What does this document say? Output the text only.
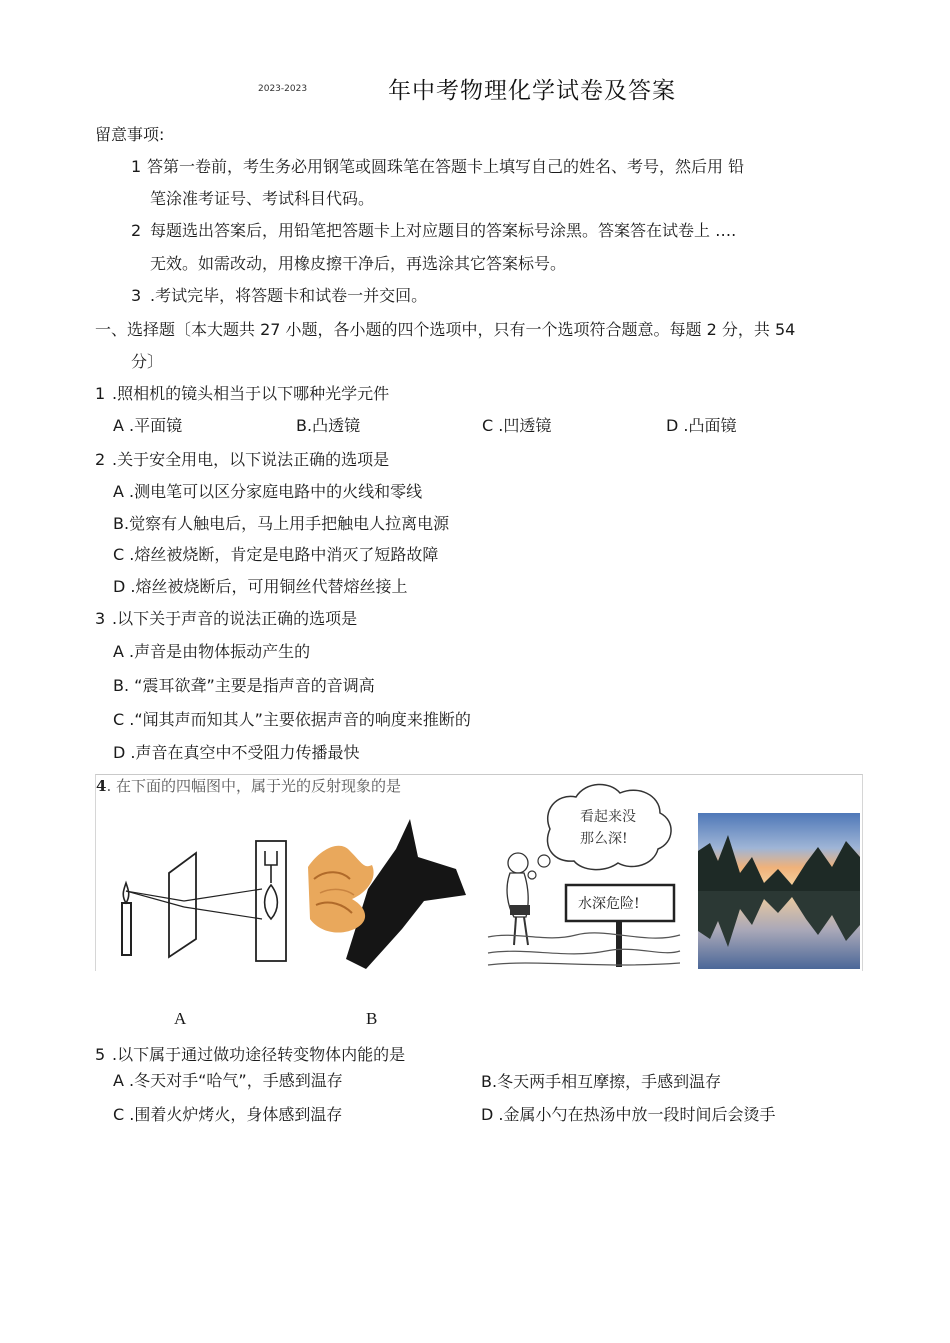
2023-2023	年中考物理化学试卷及答案
留意事项:
1 答第一卷前，考生务必用钢笔或圆珠笔在答题卡上填写自己的姓名、考号，然后用 铅
笔涂准考证号、考试科目代码。
2 每题选出答案后，用铅笔把答题卡上对应题目的答案标号涂黑。答案答在试卷上 ….
无效。如需改动，用橡皮擦干净后，再选涂其它答案标号。
3 .考试完毕，将答题卡和试卷一并交回。
一、选择题〔本大题共 27 小题，各小题的四个选项中，只有一个选项符合题意。每题 2 分，共 54
分〕
1 .照相机的镜头相当于以下哪种光学元件
A .平面镜	B.凸透镜	C .凹透镜	D .凸面镜
2 .关于安全用电，以下说法正确的选项是
A .测电笔可以区分家庭电路中的火线和零线
B.觉察有人触电后，马上用手把触电人拉离电源
C .熔丝被烧断，肯定是电路中消灭了短路故障
D .熔丝被烧断后，可用铜丝代替熔丝接上
3 .以下关于声音的说法正确的选项是
A .声音是由物体振动产生的
B. “震耳欲聋”主要是指声音的音调高
C .“闻其声而知其人”主要依据声音的响度来推断的
D .声音在真空中不受阻力传播最快
4. 在下面的四幅图中，属于光的反射现象的是
看起来没
那么深!
水深危险!
A	B
5 .以下属于通过做功途径转变物体内能的是
A .冬天对手“哈气”，手感到温存	B.冬天两手相互摩擦，手感到温存
C .围着火炉烤火，身体感到温存	D .金属小勺在热汤中放一段时间后会烫手
